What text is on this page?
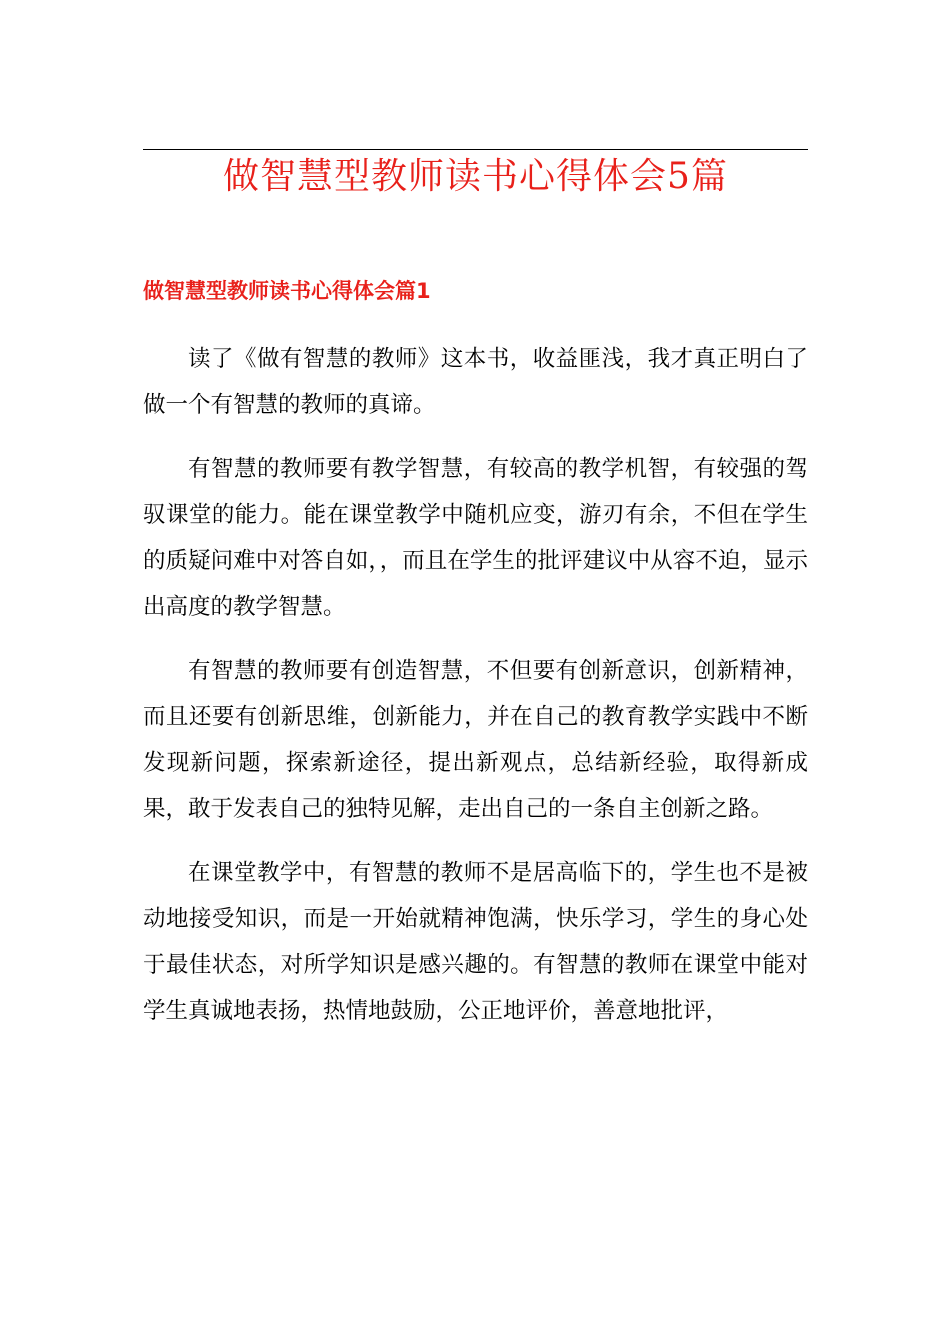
做智慧型教师读书心得体会5篇
做智慧型教师读书心得体会篇1

读了《做有智慧的教师》这本书，收益匪浅，我才真正明白了做一个有智慧的教师的真谛。

有智慧的教师要有教学智慧，有较高的教学机智，有较强的驾驭课堂的能力。能在课堂教学中随机应变，游刃有余，不但在学生的质疑问难中对答自如，，而且在学生的批评建议中从容不迫，显示出高度的教学智慧。

有智慧的教师要有创造智慧，不但要有创新意识，创新精神，而且还要有创新思维，创新能力，并在自己的教育教学实践中不断发现新问题，探索新途径，提出新观点，总结新经验，取得新成果，敢于发表自己的独特见解，走出自己的一条自主创新之路。

在课堂教学中，有智慧的教师不是居高临下的，学生也不是被动地接受知识，而是一开始就精神饱满，快乐学习，学生的身心处于最佳状态，对所学知识是感兴趣的。有智慧的教师在课堂中能对学生真诚地表扬，热情地鼓励，公正地评价，善意地批评，
